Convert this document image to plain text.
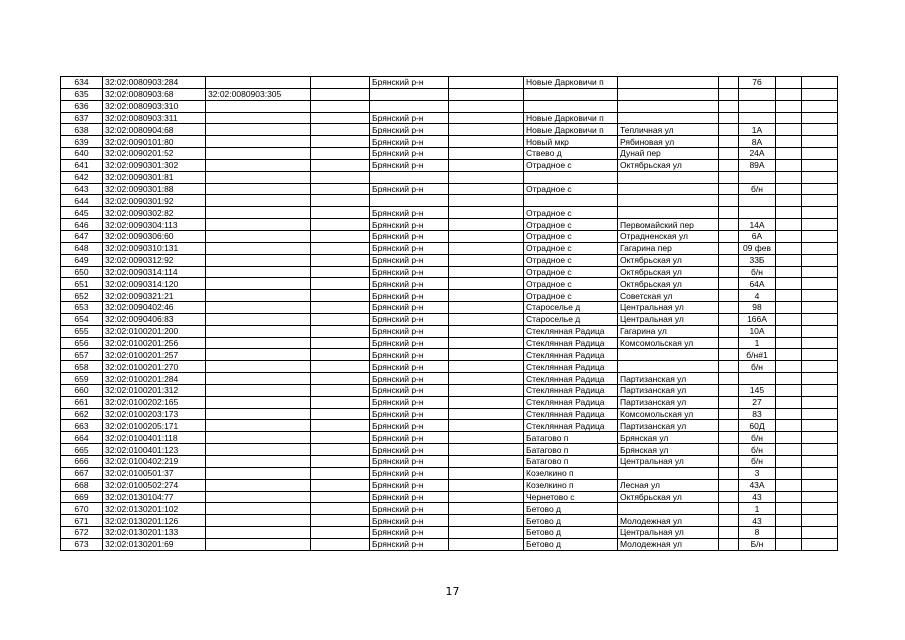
634	32:02:0080903:284			Брянский р-н		Новые Дарковичи п			76		
635	32:02:0080903:68	32:02:0080903:305									
636	32:02:0080903:310										
637	32:02:0080903:311			Брянский р-н		Новые Дарковичи п					
638	32:02:0080904:68			Брянский р-н		Новые Дарковичи п	Тепличная ул		1А		
639	32:02:0090101:80			Брянский р-н		Новый мкр	Рябиновая ул		8А		
640	32:02:0090201:52			Брянский р-н		Ствево д	Дунай пер		24А		
641	32:02:0090301:302			Брянский р-н		Отрадное с	Октябрьская ул		89А		
642	32:02:0090301:81										
643	32:02:0090301:88			Брянский р-н		Отрадное с			б/н		
644	32:02:0090301:92										
645	32:02:0090302:82			Брянский р-н		Отрадное с					
646	32:02:0090304:113			Брянский р-н		Отрадное с	Первомайский пер		14А		
647	32:02:0090306:60			Брянский р-н		Отрадное с	Отрадненская ул		6А		
648	32:02:0090310:131			Брянский р-н		Отрадное с	Гагарина пер		09 фев		
649	32:02:0090312:92			Брянский р-н		Отрадное с	Октябрьская ул		33Б		
650	32:02:0090314:114			Брянский р-н		Отрадное с	Октябрьская ул		б/н		
651	32:02:0090314:120			Брянский р-н		Отрадное с	Октябрьская ул		64А		
652	32:02:0090321:21			Брянский р-н		Отрадное с	Советская ул		4		
653	32:02:0090402:46			Брянский р-н		Староселье д	Центральная ул		98		
654	32:02:0090406:83			Брянский р-н		Староселье д	Центральная ул		166А		
655	32:02:0100201:200			Брянский р-н		Стеклянная Радица	Гагарина ул		10А		
656	32:02:0100201:256			Брянский р-н		Стеклянная Радица	Комсомольская ул		1		
657	32:02:0100201:257			Брянский р-н		Стеклянная Радица			б/н#1		
658	32:02:0100201:270			Брянский р-н		Стеклянная Радица			б/н		
659	32:02:0100201:284			Брянский р-н		Стеклянная Радица	Партизанская ул				
660	32:02:0100201:312			Брянский р-н		Стеклянная Радица	Партизанская ул		145		
661	32:02:0100202:165			Брянский р-н		Стеклянная Радица	Партизанская ул		27		
662	32:02:0100203:173			Брянский р-н		Стеклянная Радица	Комсомольская ул		83		
663	32:02:0100205:171			Брянский р-н		Стеклянная Радица	Партизанская ул		60Д		
664	32:02:0100401:118			Брянский р-н		Батагово п	Брянская ул		б/н		
665	32:02:0100401:123			Брянский р-н		Батагово п	Брянская ул		б/н		
666	32:02:0100402:219			Брянский р-н		Батагово п	Центральная ул		б/н		
667	32:02:0100501:37			Брянский р-н		Козелкино п			3		
668	32:02:0100502:274			Брянский р-н		Козелкино п	Лесная ул		43А		
669	32:02:0130104:77			Брянский р-н		Чернетово с	Октябрьская ул		43		
670	32:02:0130201:102			Брянский р-н		Бетово д			1		
671	32:02:0130201:126			Брянский р-н		Бетово д	Молодежная ул		43		
672	32:02:0130201:133			Брянский р-н		Бетово д	Центральная ул		8		
673	32:02:0130201:69			Брянский р-н		Бетово д	Молодежная ул		Б/н		
17
